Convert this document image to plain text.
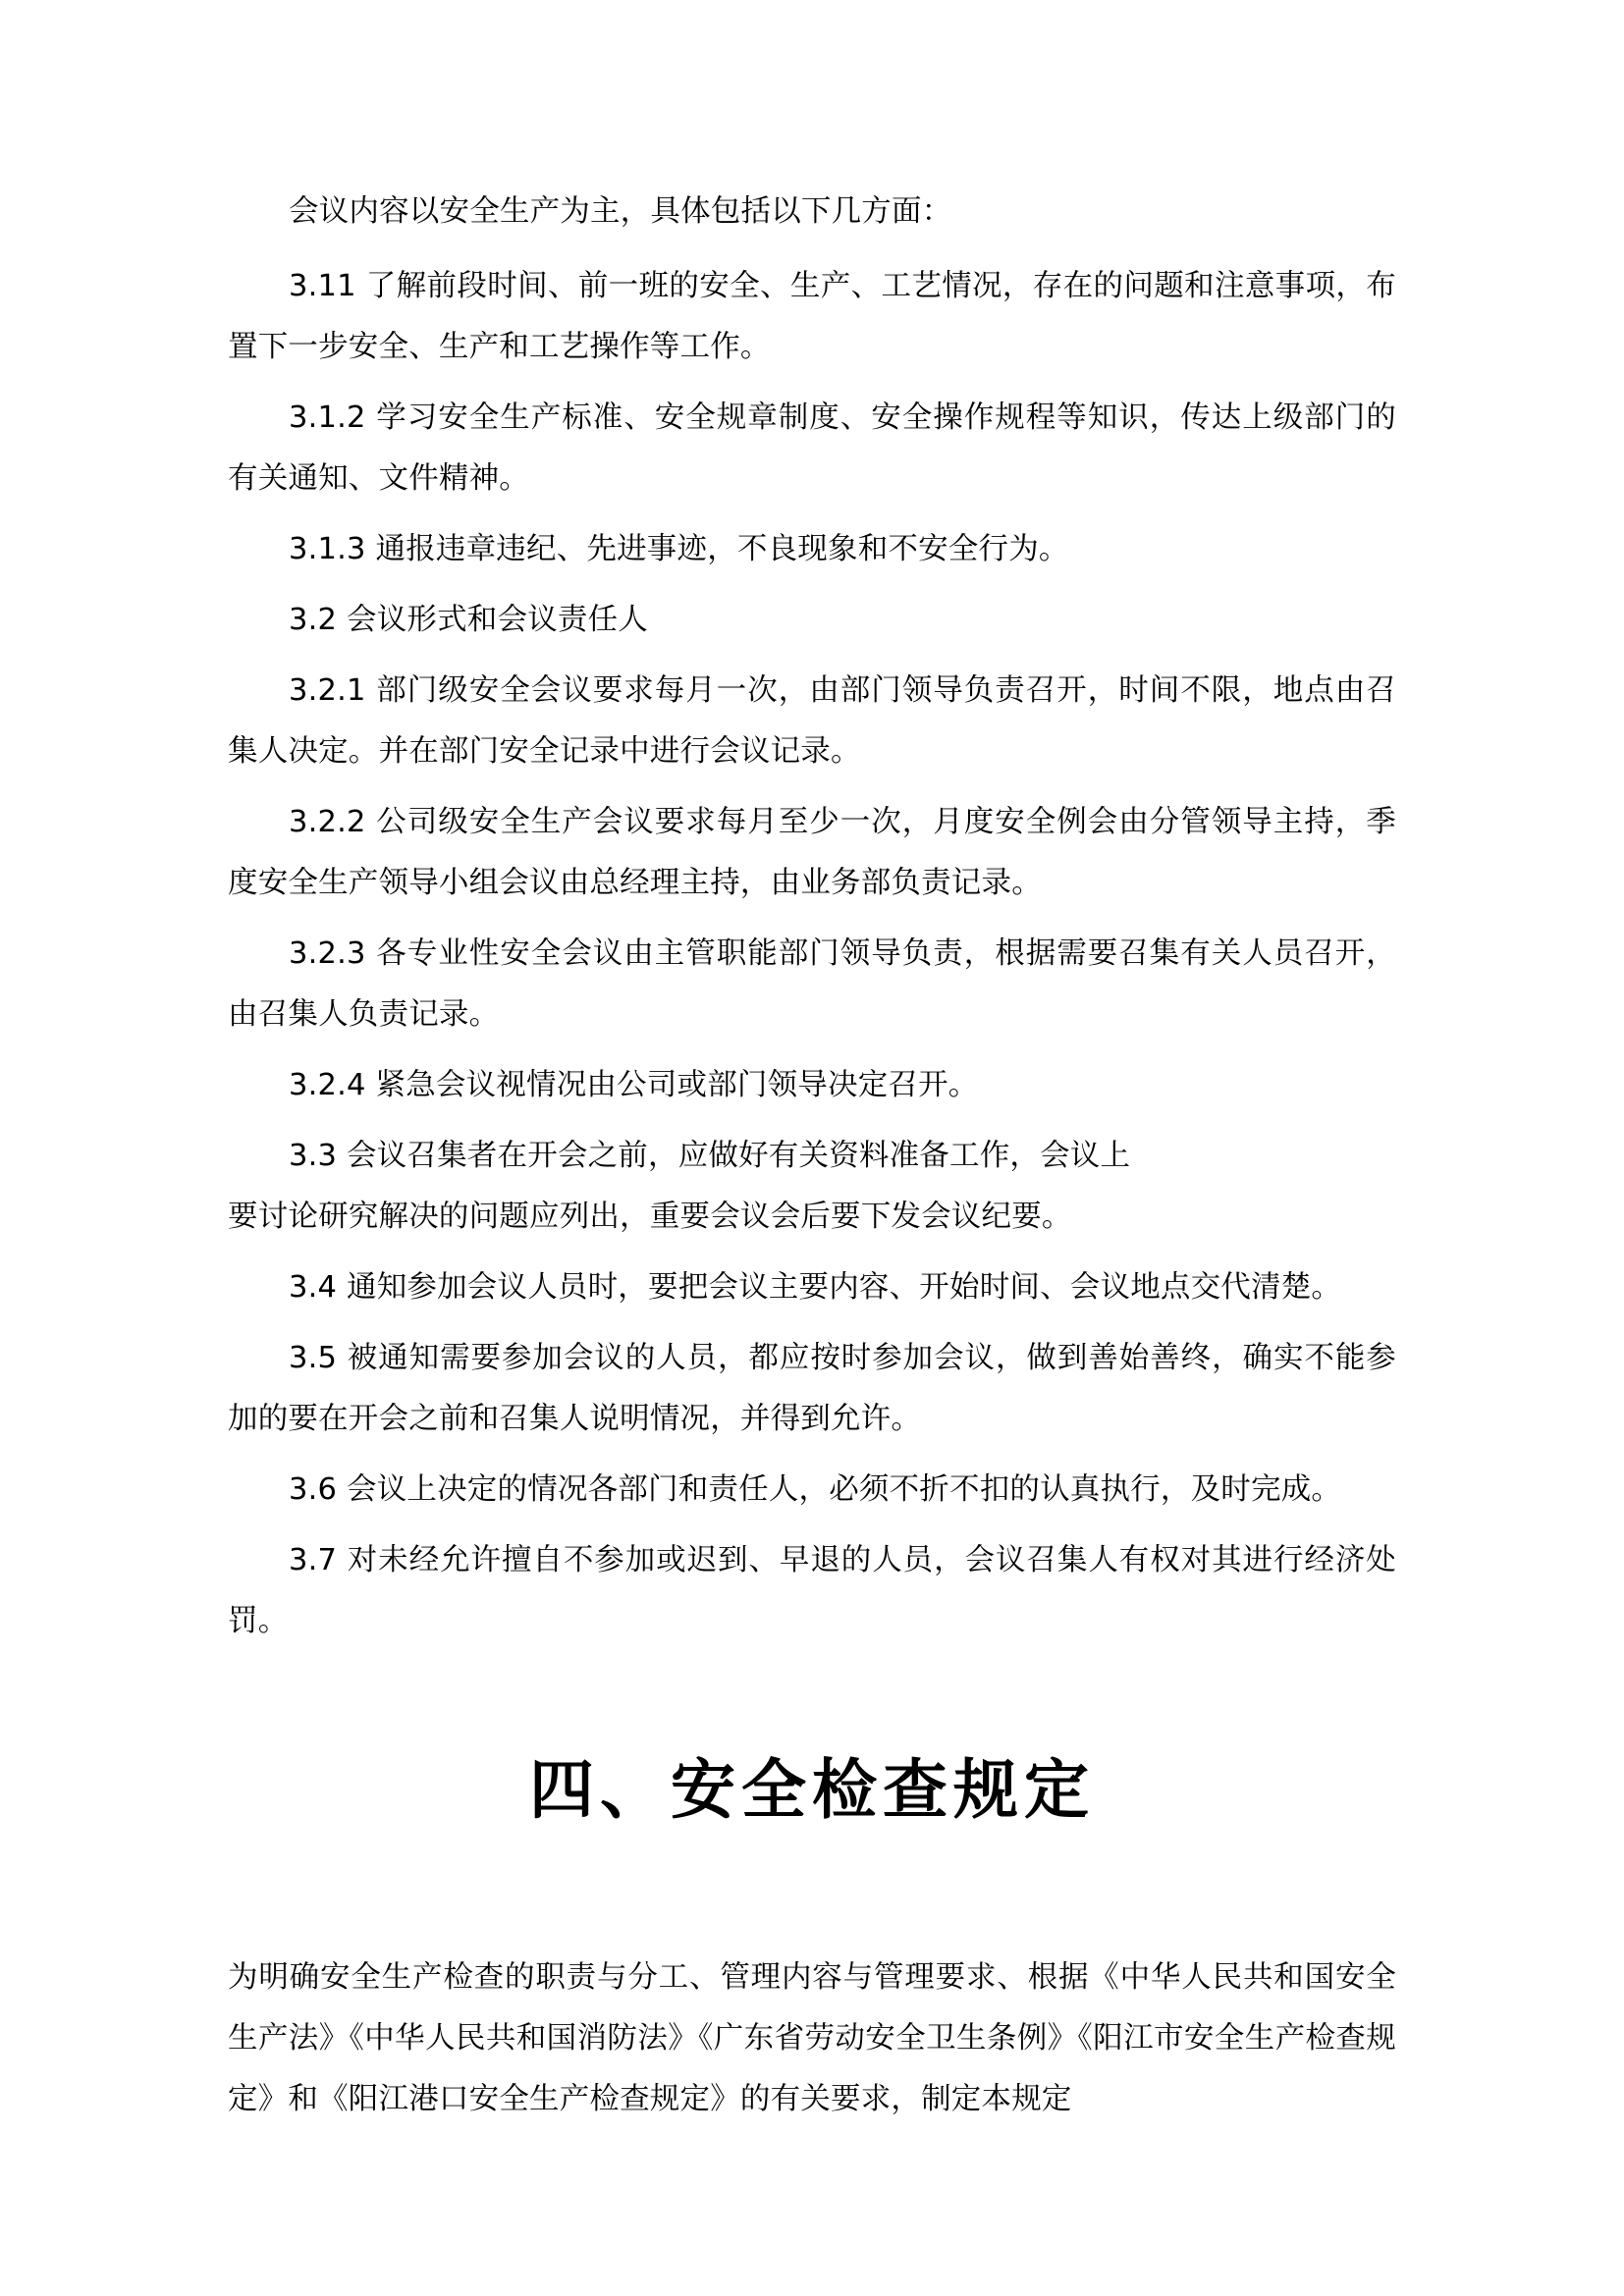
会议内容以安全生产为主，具体包括以下几方面：

3.11 了解前段时间、前一班的安全、生产、工艺情况，存在的问题和注意事项，布置下一步安全、生产和工艺操作等工作。

3.1.2 学习安全生产标准、安全规章制度、安全操作规程等知识，传达上级部门的有关通知、文件精神。

3.1.3 通报违章违纪、先进事迹，不良现象和不安全行为。

3.2 会议形式和会议责任人

3.2.1 部门级安全会议要求每月一次，由部门领导负责召开，时间不限，地点由召集人决定。并在部门安全记录中进行会议记录。

3.2.2 公司级安全生产会议要求每月至少一次，月度安全例会由分管领导主持，季度安全生产领导小组会议由总经理主持，由业务部负责记录。

3.2.3 各专业性安全会议由主管职能部门领导负责，根据需要召集有关人员召开，由召集人负责记录。

3.2.4 紧急会议视情况由公司或部门领导决定召开。

3.3 会议召集者在开会之前，应做好有关资料准备工作，会议上

要讨论研究解决的问题应列出，重要会议会后要下发会议纪要。

3.4 通知参加会议人员时，要把会议主要内容、开始时间、会议地点交代清楚。

3.5 被通知需要参加会议的人员，都应按时参加会议，做到善始善终，确实不能参加的要在开会之前和召集人说明情况，并得到允许。

3.6 会议上决定的情况各部门和责任人，必须不折不扣的认真执行，及时完成。

3.7 对未经允许擅自不参加或迟到、早退的人员，会议召集人有权对其进行经济处罚。

四、安全检查规定

为明确安全生产检查的职责与分工、管理内容与管理要求、根据《中华人民共和国安全生产法》《中华人民共和国消防法》《广东省劳动安全卫生条例》《阳江市安全生产检查规定》和《阳江港口安全生产检查规定》的有关要求，制定本规定
